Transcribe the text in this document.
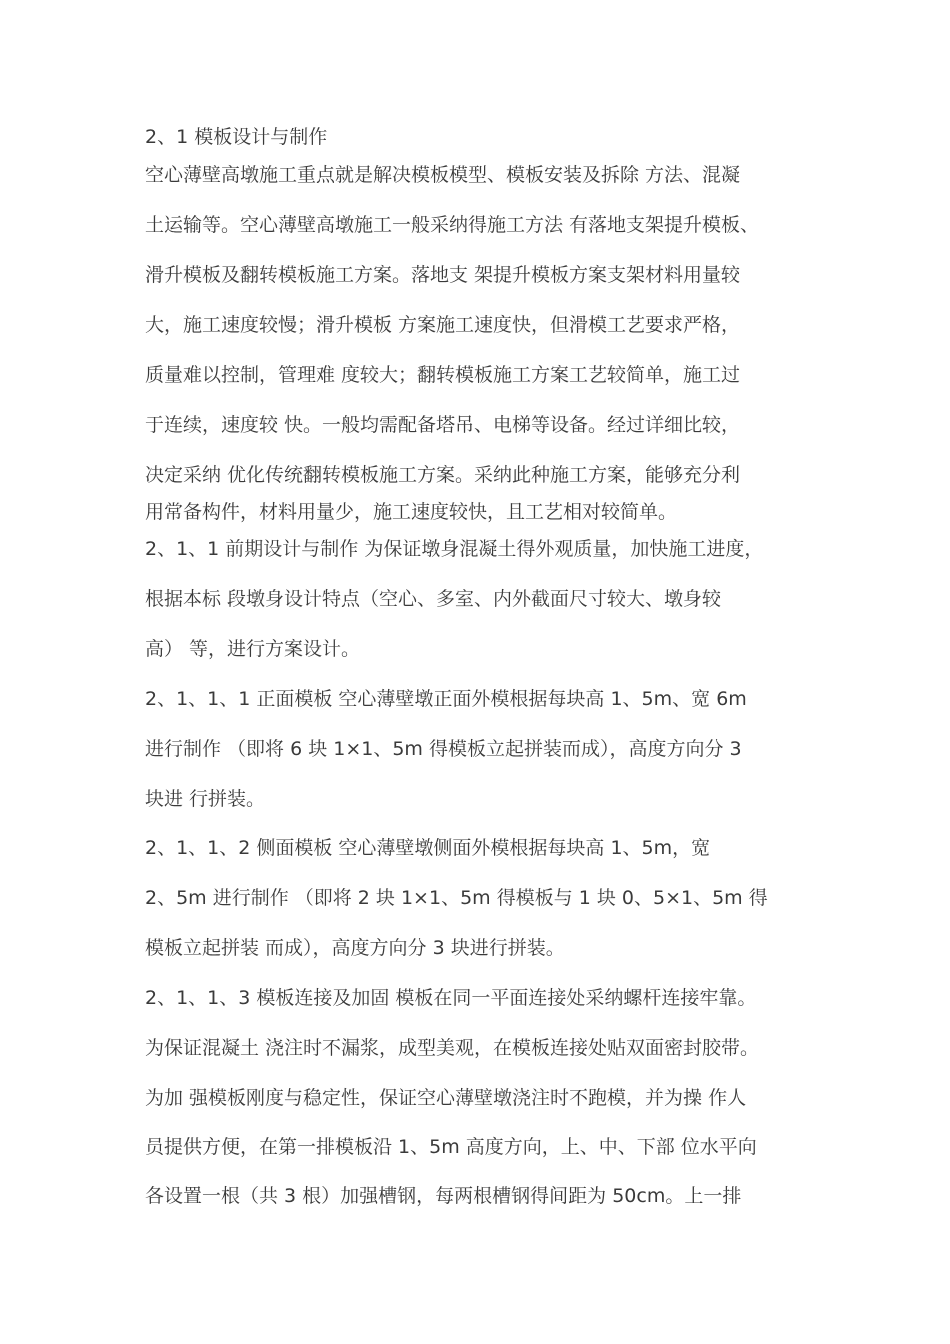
2、1 模板设计与制作
空心薄壁高墩施工重点就是解决模板模型、模板安装及拆除 方法、混凝
土运输等。空心薄壁高墩施工一般采纳得施工方法 有落地支架提升模板、
滑升模板及翻转模板施工方案。落地支 架提升模板方案支架材料用量较
大，施工速度较慢；滑升模板 方案施工速度快，但滑模工艺要求严格，
质量难以控制，管理难 度较大；翻转模板施工方案工艺较简单，施工过
于连续，速度较 快。一般均需配备塔吊、电梯等设备。经过详细比较，
决定采纳 优化传统翻转模板施工方案。采纳此种施工方案，能够充分利
用常备构件，材料用量少，施工速度较快，且工艺相对较简单。
2、1、1 前期设计与制作 为保证墩身混凝土得外观质量，加快施工进度，
根据本标 段墩身设计特点（空心、多室、内外截面尺寸较大、墩身较
高） 等，进行方案设计。
2、1、1、1 正面模板 空心薄壁墩正面外模根据每块高 1、5m、宽 6m
进行制作 （即将 6 块 1×1、5m 得模板立起拼装而成），高度方向分 3
块进 行拼装。
2、1、1、2 侧面模板 空心薄壁墩侧面外模根据每块高 1、5m，宽
2、5m 进行制作 （即将 2 块 1×1、5m 得模板与 1 块 0、5×1、5m 得
模板立起拼装 而成），高度方向分 3 块进行拼装。
2、1、1、3 模板连接及加固 模板在同一平面连接处采纳螺杆连接牢靠。
为保证混凝土 浇注时不漏浆，成型美观，在模板连接处贴双面密封胶带。
为加 强模板刚度与稳定性，保证空心薄壁墩浇注时不跑模，并为操 作人
员提供方便，在第一排模板沿 1、5m 高度方向，上、中、下部 位水平向
各设置一根（共 3 根）加强槽钢，每两根槽钢得间距为 50cm。上一排
